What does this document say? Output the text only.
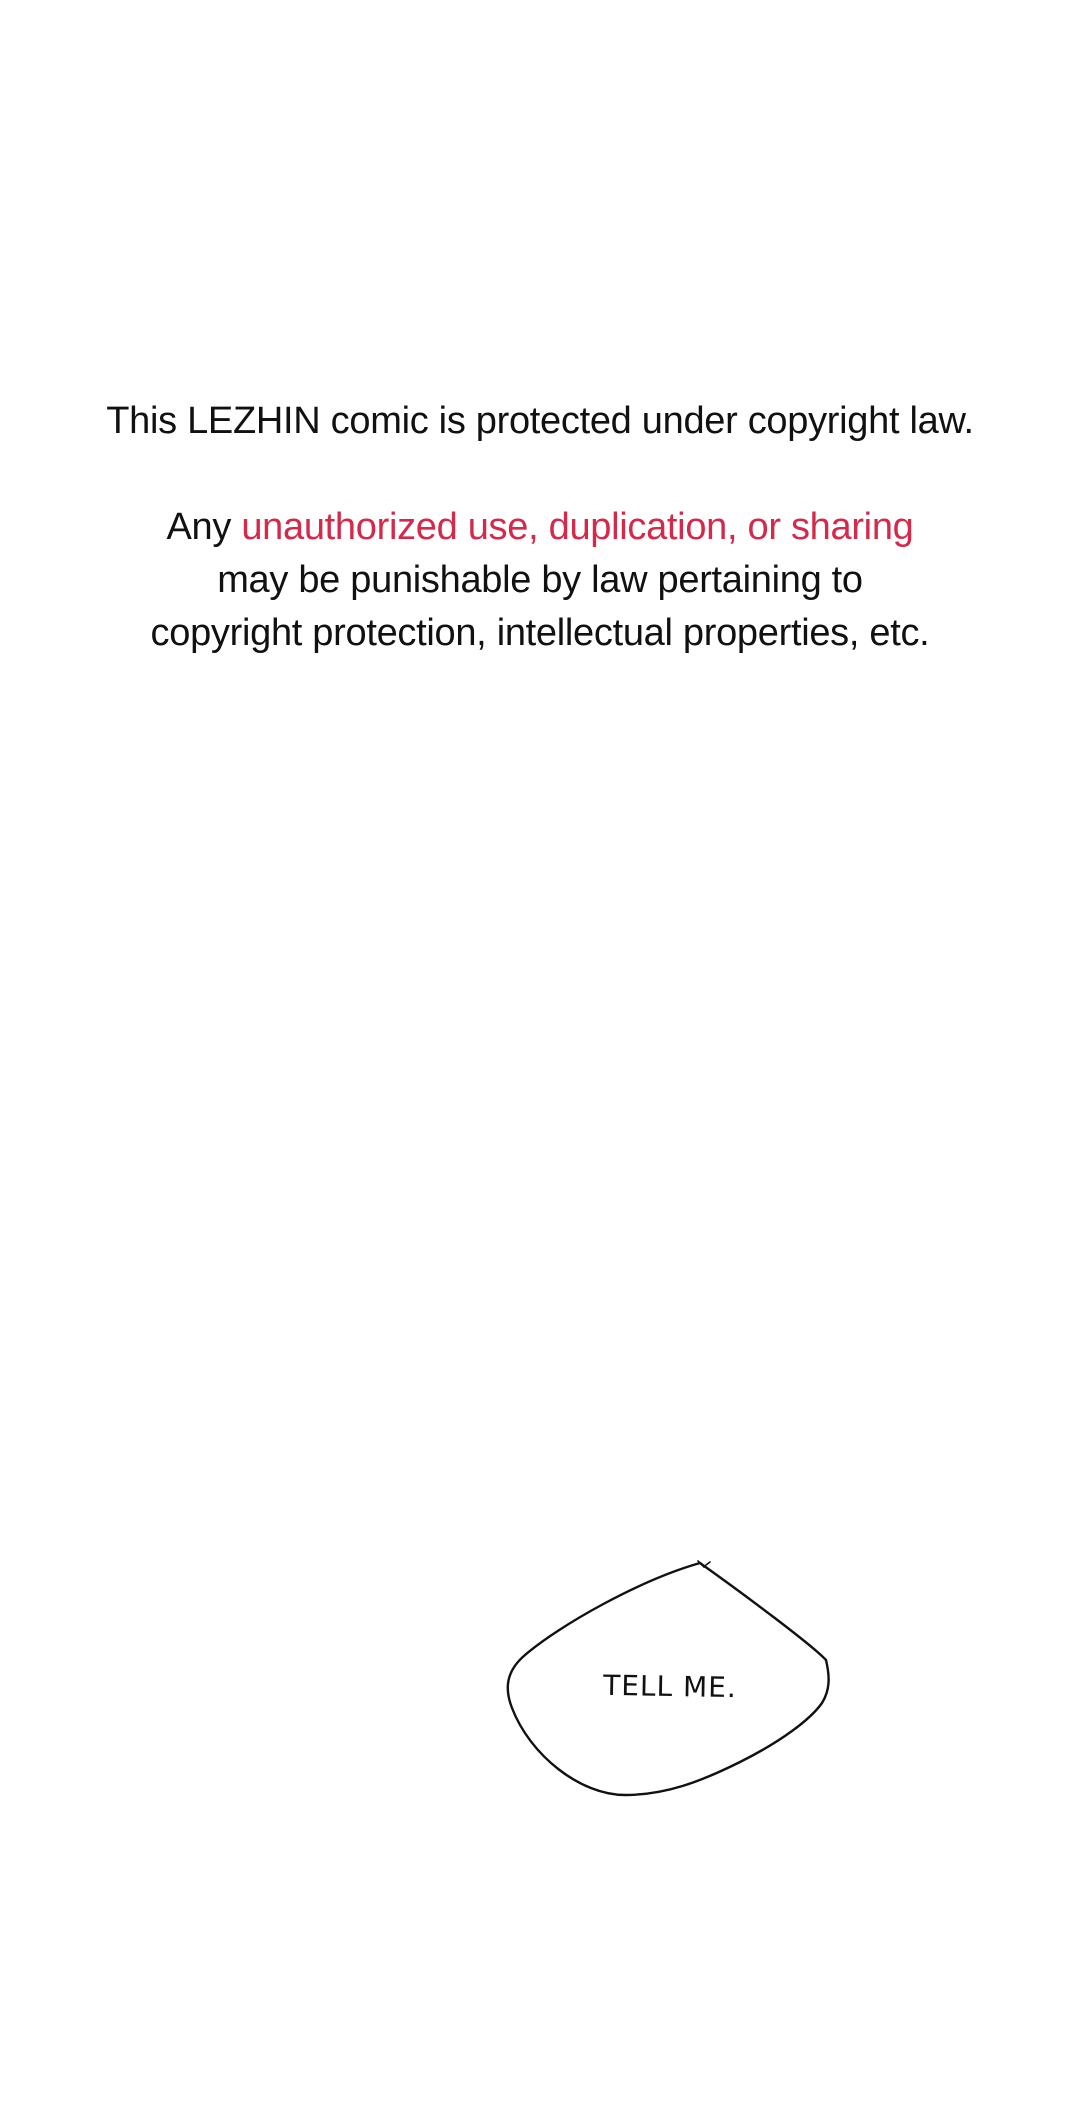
This LEZHIN comic is protected under copyright law.
Any unauthorized use, duplication, or sharing
may be punishable by law pertaining to
copyright protection, intellectual properties, etc.
TELL ME.
